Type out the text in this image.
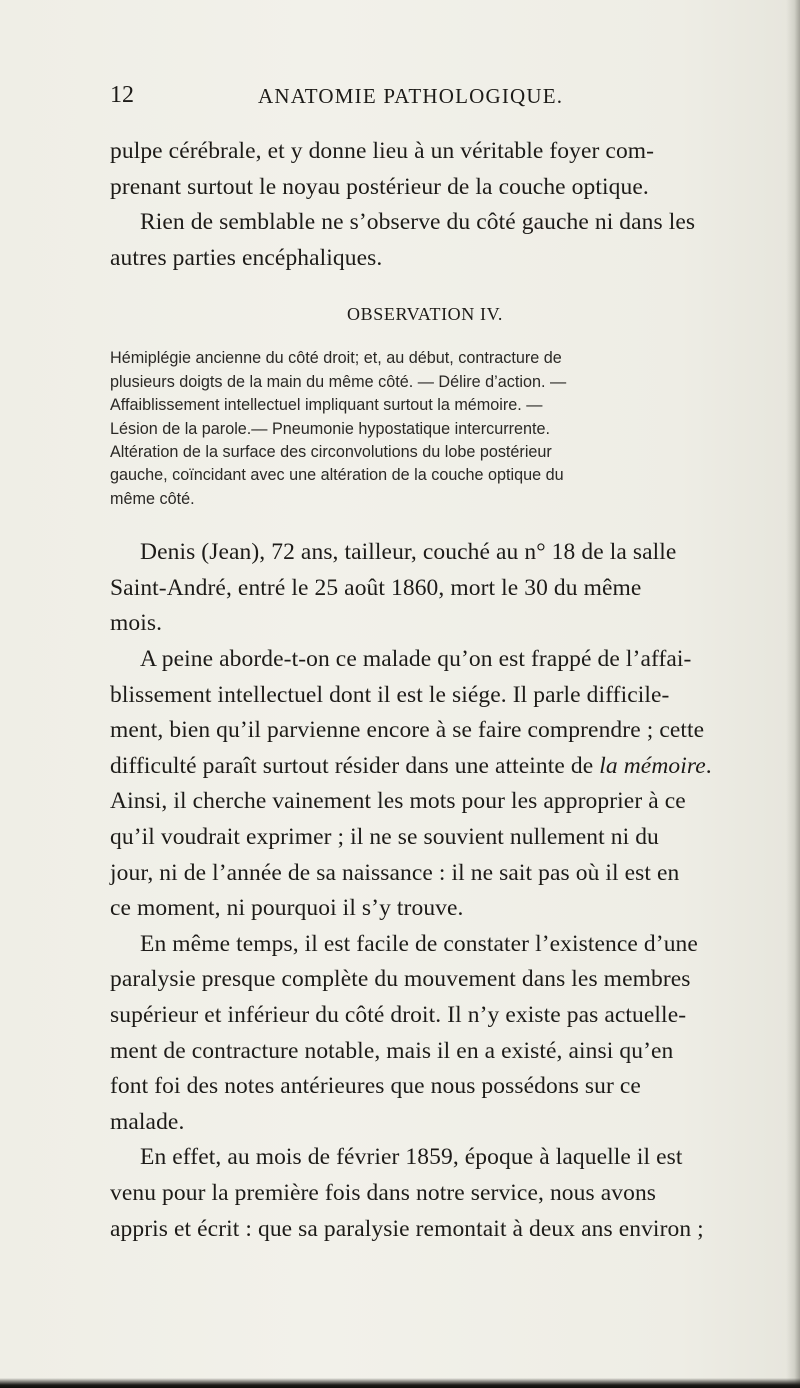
12	ANATOMIE PATHOLOGIQUE.
pulpe cérébrale, et y donne lieu à un véritable foyer com-
prenant surtout le noyau postérieur de la couche optique.
Rien de semblable ne s’observe du côté gauche ni dans les
autres parties encéphaliques.
OBSERVATION IV.

Hémiplégie ancienne du côté droit; et, au début, contracture de
plusieurs doigts de la main du même côté. — Délire d’action. —
Affaiblissement intellectuel impliquant surtout la mémoire. —
Lésion de la parole.— Pneumonie hypostatique intercurrente.

Altération de la surface des circonvolutions du lobe postérieur
gauche, coïncidant avec une altération de la couche optique du
même côté.

Denis (Jean), 72 ans, tailleur, couché au n° 18 de la salle
Saint-André, entré le 25 août 1860, mort le 30 du même
mois.
A peine aborde-t-on ce malade qu’on est frappé de l’affai-
blissement intellectuel dont il est le siége. Il parle difficile-
ment, bien qu’il parvienne encore à se faire comprendre ; cette
difficulté paraît surtout résider dans une atteinte de la mémoire.
Ainsi, il cherche vainement les mots pour les approprier à ce
qu’il voudrait exprimer ; il ne se souvient nullement ni du
jour, ni de l’année de sa naissance : il ne sait pas où il est en
ce moment, ni pourquoi il s’y trouve.
En même temps, il est facile de constater l’existence d’une
paralysie presque complète du mouvement dans les membres
supérieur et inférieur du côté droit. Il n’y existe pas actuelle-
ment de contracture notable, mais il en a existé, ainsi qu’en
font foi des notes antérieures que nous possédons sur ce
malade.
En effet, au mois de février 1859, époque à laquelle il est
venu pour la première fois dans notre service, nous avons
appris et écrit : que sa paralysie remontait à deux ans environ ;
